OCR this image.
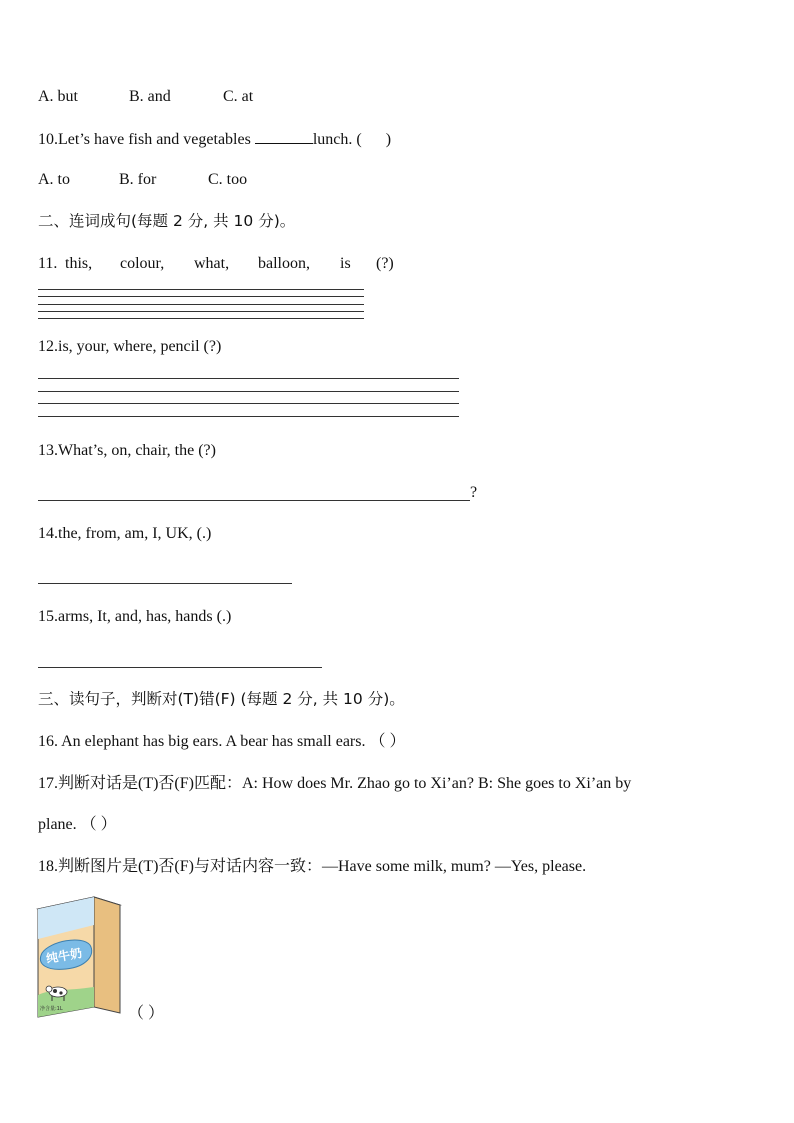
A. but	B. and	C. at
10.Let’s have fish and vegetables	lunch. ( )
A. to	B. for	C. too
二、连词成句(每题 2 分, 共 10 分)。
11. this, colour, what, balloon, is (?)
12.is, your, where, pencil (?)
13.What’s, on, chair, the (?)
?
14.the, from, am, I, UK, (.)
15.arms, It, and, has, hands (.)
三、读句子，判断对(T)错(F) (每题 2 分, 共 10 分)。
16. An elephant has big ears. A bear has small ears. （ ）
17.判断对话是(T)否(F)匹配：A: How does Mr. Zhao go to Xi’an? B: She goes to Xi’an by
plane. （ ）
18.判断图片是(T)否(F)与对话内容一致：—Have some milk, mum? —Yes, please.
纯牛奶
净含量:1L	（ ）
